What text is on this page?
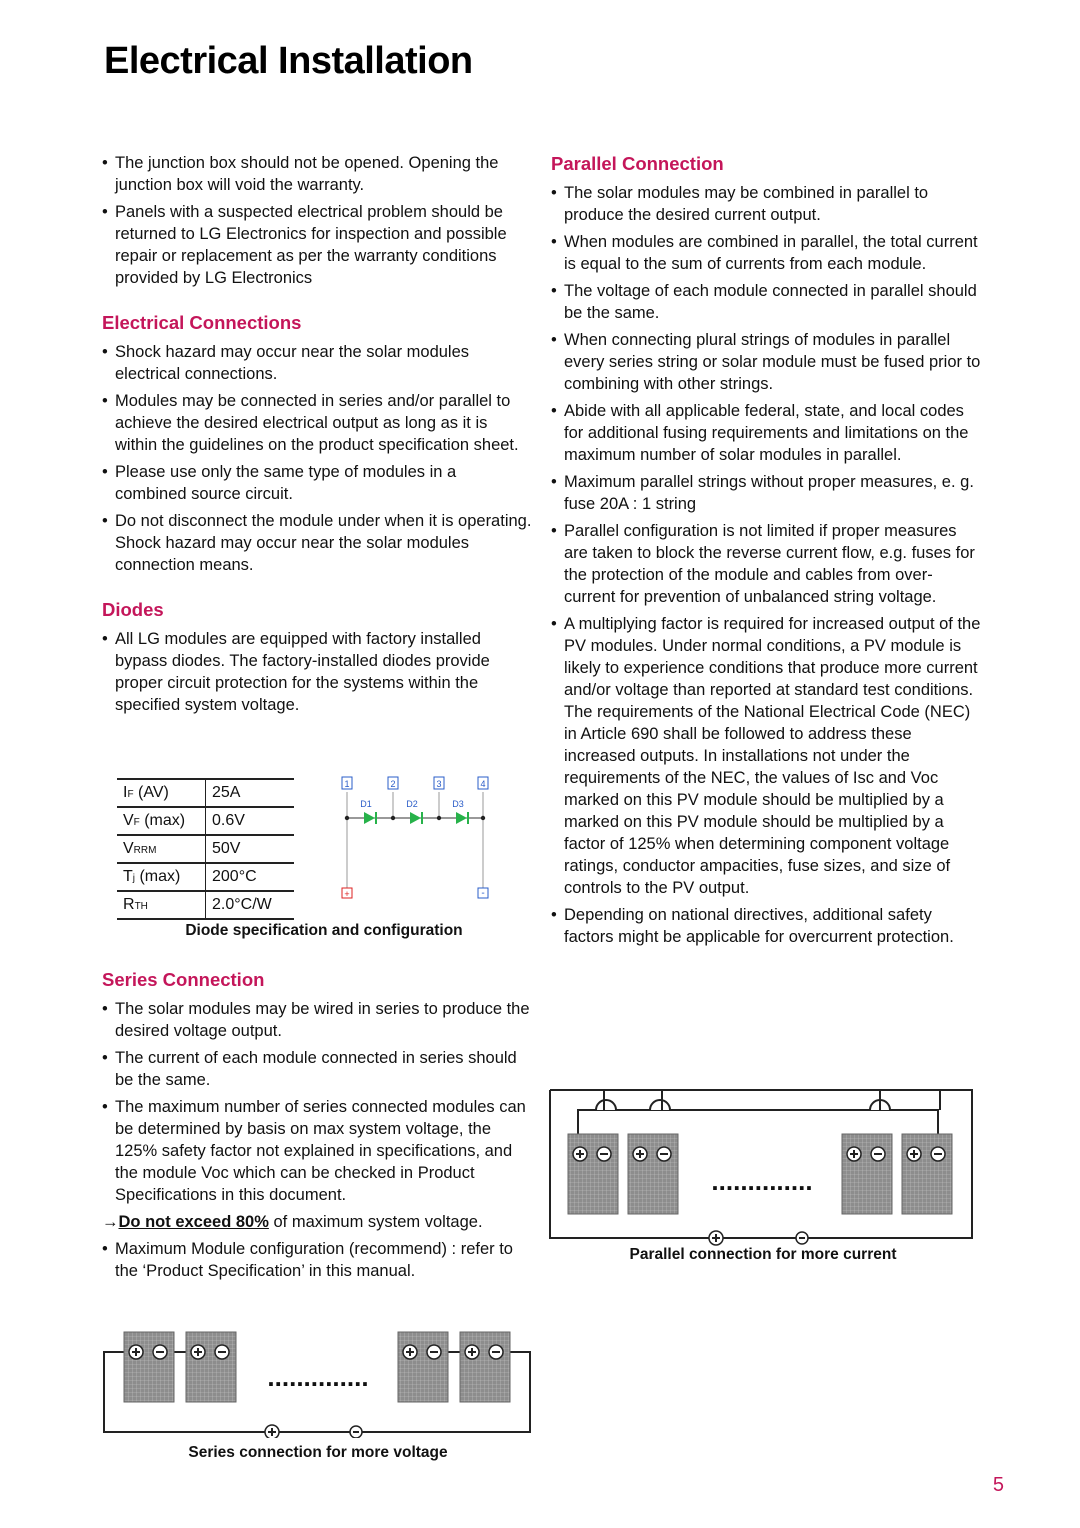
Electrical Installation
• The junction box should not be opened. Opening the junction box will void the warranty.
• Panels with a suspected electrical problem should be returned to LG Electronics for inspection and possible repair or replacement as per the warranty conditions provided by LG Electronics
Electrical Connections
• Shock hazard may occur near the solar modules electrical connections.
• Modules may be connected in series and/or parallel to achieve the desired electrical output as long as it is within the guidelines on the product specification sheet.
• Please use only the same type of modules in a combined source circuit.
• Do not disconnect the module under when it is operating.
Shock hazard may occur near the solar modules connection means.
Diodes
• All LG modules are equipped with factory installed bypass diodes. The factory-installed diodes provide proper circuit protection for the systems within the specified system voltage.
IF (AV)	25A
VF (max)	0.6V
VRRM	50V
Tj (max)	200°C
RTH	2.0°C/W
1	2	3	4
D1	D2	D3
+	-
Diode specification and configuration
Series Connection
• The solar modules may be wired in series to produce the desired voltage output.
• The current of each module connected in series should be the same.
• The maximum number of series connected modules can be determined by basis on max system voltage, the 125% safety factor not explained in specifications, and the module Voc which can be checked in Product Specifications in this document.
→Do not exceed 80% of maximum system voltage.
• Maximum Module configuration (recommend) : refer to the ‘Product Specification’ in this manual.
..............
Series connection for more voltage
Parallel Connection
• The solar modules may be combined in parallel to produce the desired current output.
• When modules are combined in parallel, the total current is equal to the sum of currents from each module.
• The voltage of each module connected in parallel should be the same.
• When connecting plural strings of modules in parallel every series string or solar module must be fused prior to combining with other strings.
• Abide with all applicable federal, state, and local codes for additional fusing requirements and limitations on the maximum number of solar modules in parallel.
• Maximum parallel strings without proper measures, e. g. fuse 20A : 1 string
• Parallel configuration is not limited if proper measures are taken to block the reverse current flow, e.g. fuses for the protection of the module and cables from over-current for prevention of unbalanced string voltage.
• A multiplying factor is required for increased output of the PV modules. Under normal conditions, a PV module is likely to experience conditions that produce more current and/or voltage than reported at standard test conditions. The requirements of the National Electrical Code (NEC) in Article 690 shall be followed to address these increased outputs. In installations not under the requirements of the NEC, the values of Isc and Voc marked on this PV module should be multiplied by a marked on this PV module should be multiplied by a factor of 125% when determining component voltage ratings, conductor ampacities, fuse sizes, and size of controls to the PV output.
• Depending on national directives, additional safety factors might be applicable for overcurrent protection.
..............
Parallel connection for more current
5
